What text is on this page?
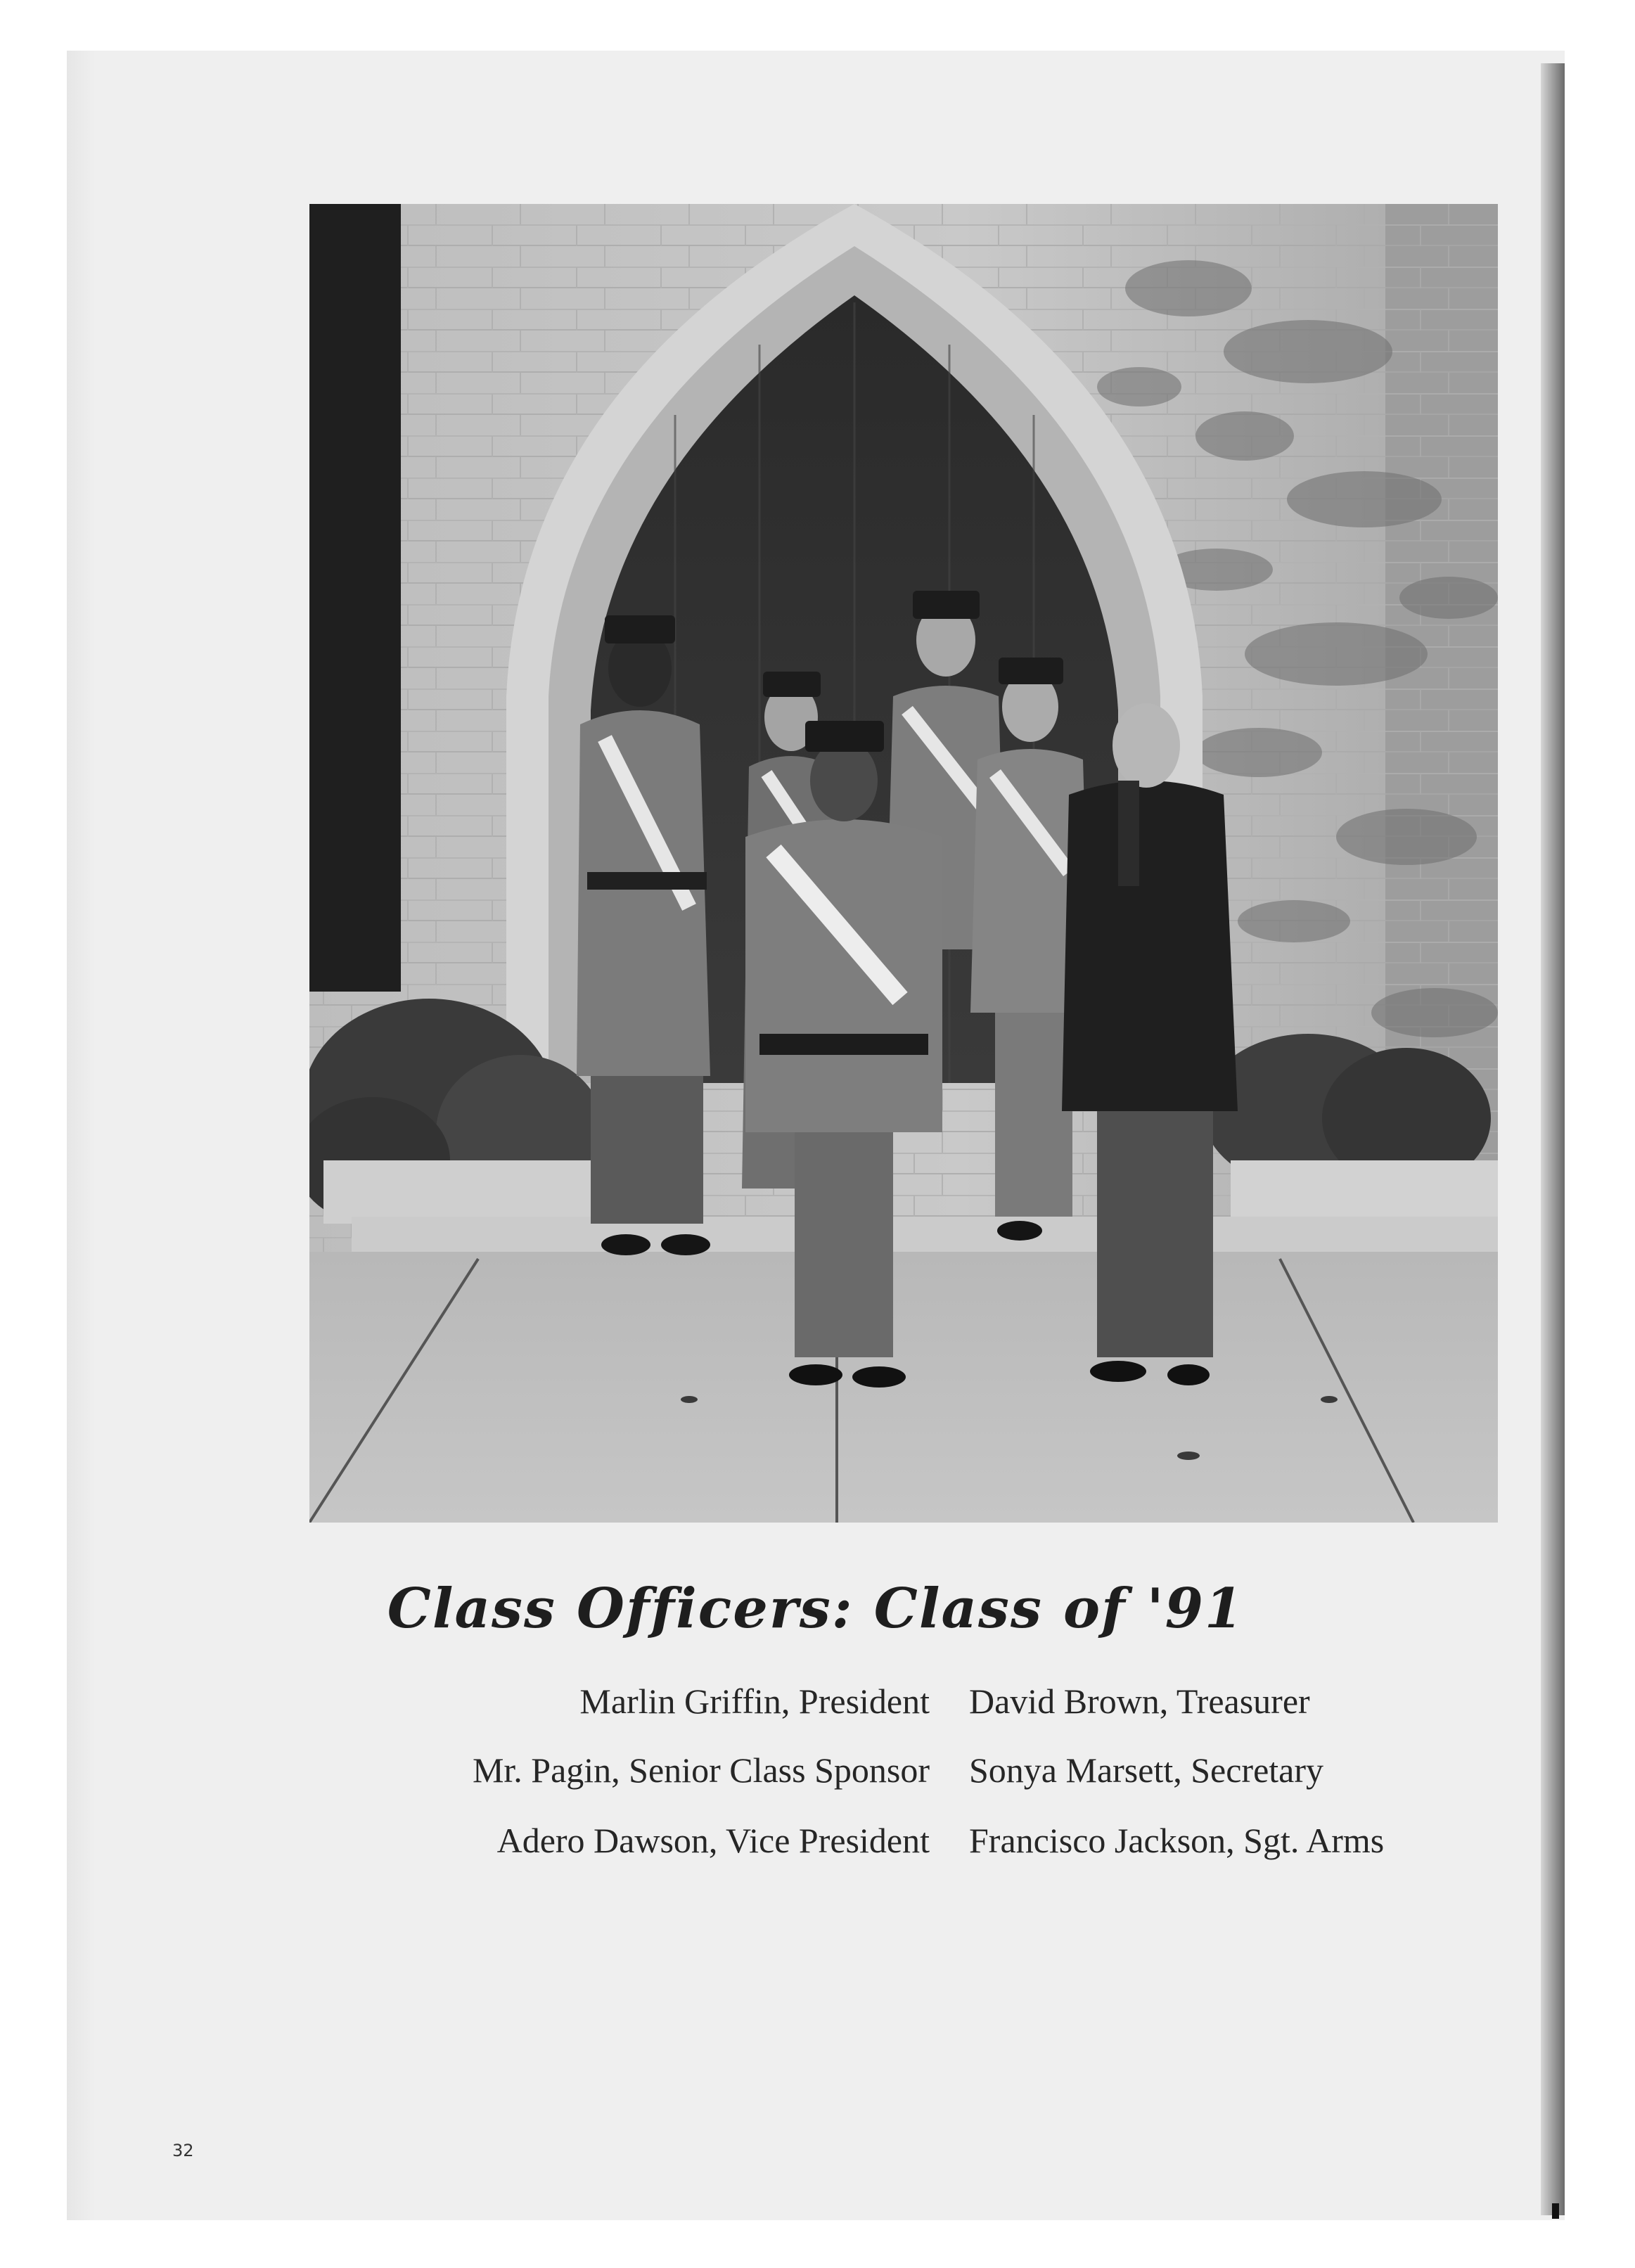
Class Officers: Class of '91
Marlin Griffin, President David Brown, Treasurer
Mr. Pagin, Senior Class Sponsor Sonya Marsett, Secretary
Adero Dawson, Vice President Francisco Jackson, Sgt. Arms
32
